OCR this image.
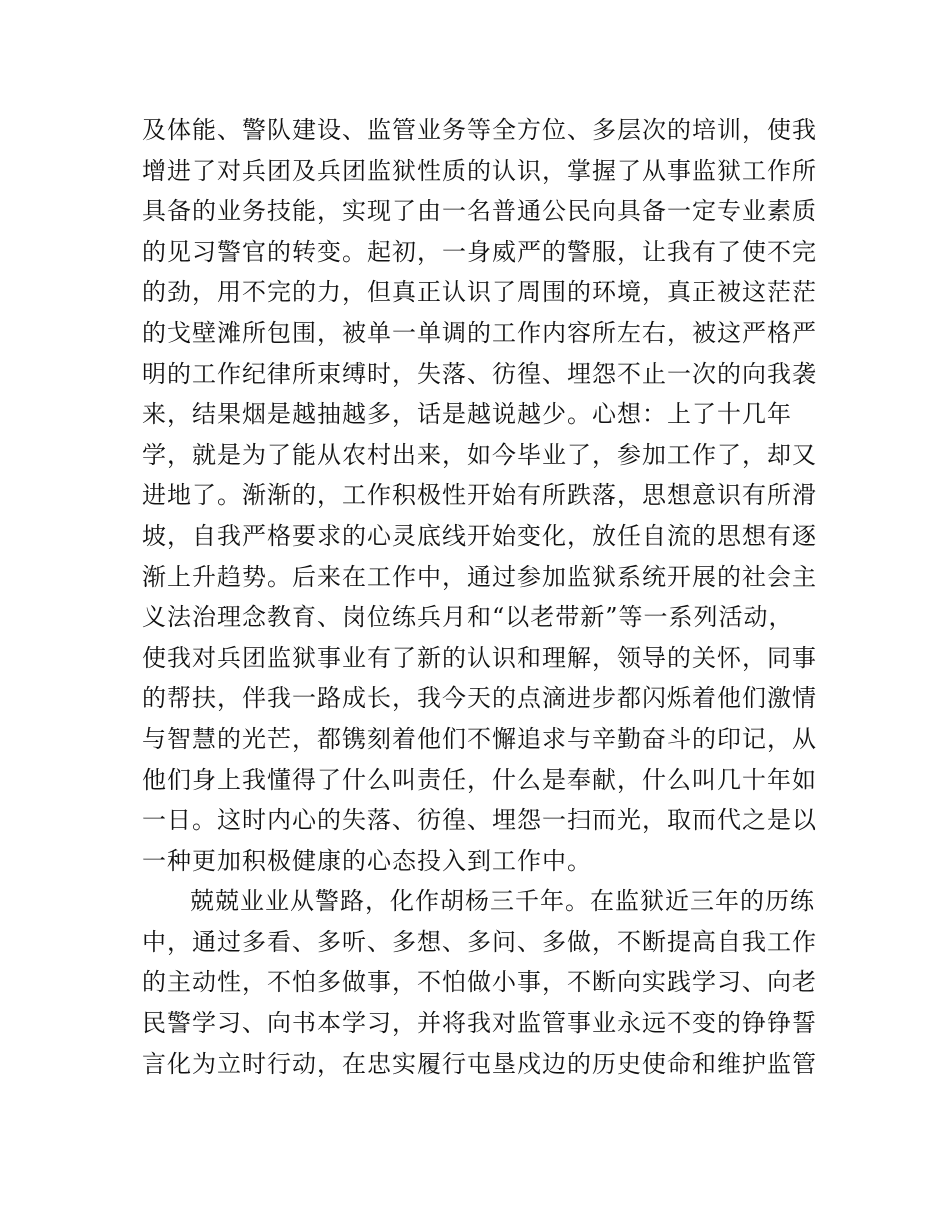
及体能、警队建设、监管业务等全方位、多层次的培训，使我
增进了对兵团及兵团监狱性质的认识，掌握了从事监狱工作所
具备的业务技能，实现了由一名普通公民向具备一定专业素质
的见习警官的转变。起初，一身威严的警服，让我有了使不完
的劲，用不完的力，但真正认识了周围的环境，真正被这茫茫
的戈壁滩所包围，被单一单调的工作内容所左右，被这严格严
明的工作纪律所束缚时，失落、彷徨、埋怨不止一次的向我袭
来，结果烟是越抽越多，话是越说越少。心想：上了十几年
学，就是为了能从农村出来，如今毕业了，参加工作了，却又
进地了。渐渐的，工作积极性开始有所跌落，思想意识有所滑
坡，自我严格要求的心灵底线开始变化，放任自流的思想有逐
渐上升趋势。后来在工作中，通过参加监狱系统开展的社会主
义法治理念教育、岗位练兵月和“以老带新”等一系列活动，
使我对兵团监狱事业有了新的认识和理解，领导的关怀，同事
的帮扶，伴我一路成长，我今天的点滴进步都闪烁着他们激情
与智慧的光芒，都镌刻着他们不懈追求与辛勤奋斗的印记，从
他们身上我懂得了什么叫责任，什么是奉献，什么叫几十年如
一日。这时内心的失落、彷徨、埋怨一扫而光，取而代之是以
一种更加积极健康的心态投入到工作中。
兢兢业业从警路，化作胡杨三千年。在监狱近三年的历练
中，通过多看、多听、多想、多问、多做，不断提高自我工作
的主动性，不怕多做事，不怕做小事，不断向实践学习、向老
民警学习、向书本学习，并将我对监管事业永远不变的铮铮誓
言化为立时行动，在忠实履行屯垦戍边的历史使命和维护监管
